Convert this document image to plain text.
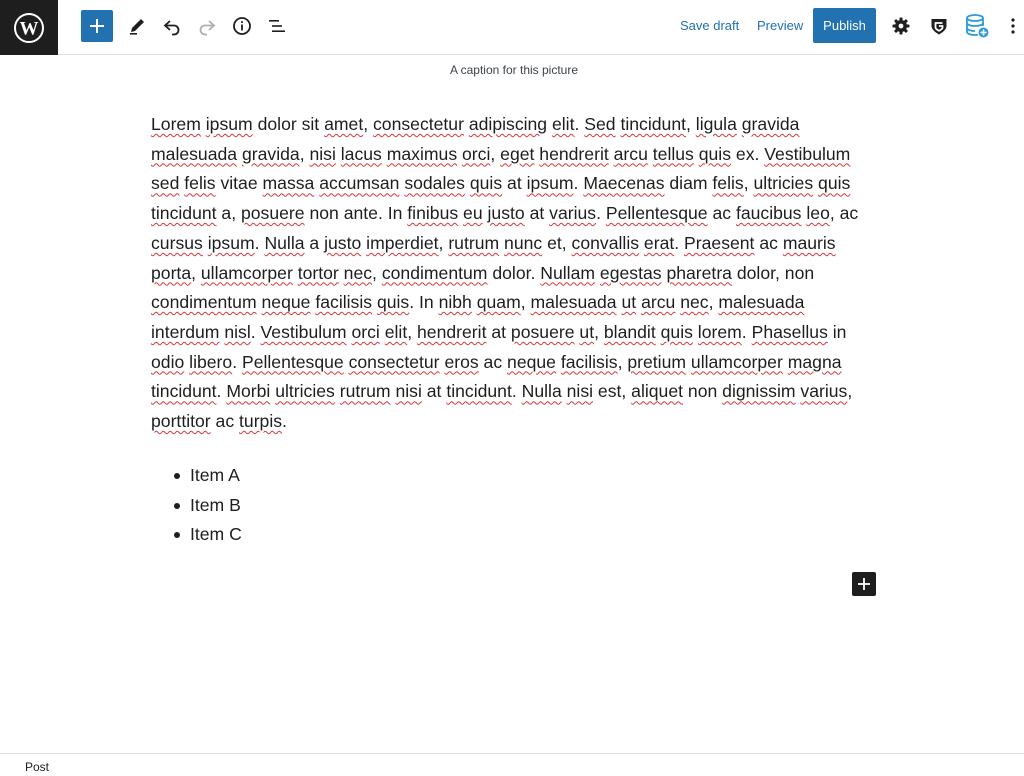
W	Save draft Preview	Publish
A caption for this picture

Lorem ipsum dolor sit amet, consectetur adipiscing elit. Sed tincidunt, ligula gravida malesuada gravida, nisi lacus maximus orci, eget hendrerit arcu tellus quis ex. Vestibulum sed felis vitae massa accumsan sodales quis at ipsum. Maecenas diam felis, ultricies quis tincidunt a, posuere non ante. In finibus eu justo at varius. Pellentesque ac faucibus leo, ac cursus ipsum. Nulla a justo imperdiet, rutrum nunc et, convallis erat. Praesent ac mauris porta, ullamcorper tortor nec, condimentum dolor. Nullam egestas pharetra dolor, non condimentum neque facilisis quis. In nibh quam, malesuada ut arcu nec, malesuada interdum nisl. Vestibulum orci elit, hendrerit at posuere ut, blandit quis lorem. Phasellus in odio libero. Pellentesque consectetur eros ac neque facilisis, pretium ullamcorper magna tincidunt. Morbi ultricies rutrum nisi at tincidunt. Nulla nisi est, aliquet non dignissim varius, porttitor ac turpis.

Item A
Item B
Item C
Post
